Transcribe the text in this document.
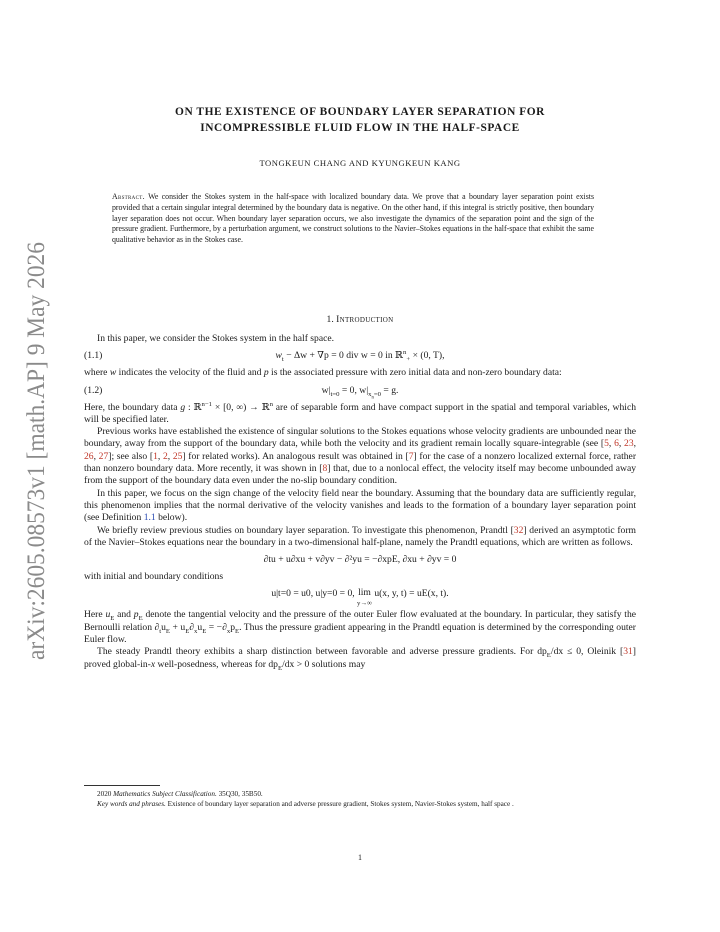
arXiv:2605.08573v1 [math.AP] 9 May 2026
ON THE EXISTENCE OF BOUNDARY LAYER SEPARATION FOR
INCOMPRESSIBLE FLUID FLOW IN THE HALF-SPACE
TONGKEUN CHANG AND KYUNGKEUN KANG
Abstract. We consider the Stokes system in the half-space with localized boundary data. We prove that a boundary layer separation point exists provided that a certain singular integral determined by the boundary data is negative. On the other hand, if this integral is strictly positive, then boundary layer separation does not occur. When boundary layer separation occurs, we also investigate the dynamics of the separation point and the sign of the pressure gradient. Furthermore, by a perturbation argument, we construct solutions to the Navier–Stokes equations in the half-space that exhibit the same qualitative behavior as in the Stokes case.
1. Introduction

In this paper, we consider the Stokes system in the half space.

(1.1)	$w_t - \Delta w + \nabla p = 0$ div w = 0 in ℝ$^n_+$ × (0, T),

where w indicates the velocity of the fluid and p is the associated pressure with zero initial data and non-zero boundary data:

(1.2)	$w|_{t=0} = 0$, $w|_{x_n=0} = g$.

Here, the boundary data g : ℝ$^{n-1}$ × [0, ∞) → ℝ$^n$ are of separable form and have compact support in the spatial and temporal variables, which will be specified later.

Previous works have established the existence of singular solutions to the Stokes equations whose velocity gradients are unbounded near the boundary, away from the support of the boundary data, while both the velocity and its gradient remain locally square-integrable (see [5, 6, 23, 26, 27]; see also [1, 2, 25] for related works). An analogous result was obtained in [7] for the case of a nonzero localized external force, rather than nonzero boundary data. More recently, it was shown in [8] that, due to a nonlocal effect, the velocity itself may become unbounded away from the support of the boundary data even under the no-slip boundary condition.

In this paper, we focus on the sign change of the velocity field near the boundary. Assuming that the boundary data are sufficiently regular, this phenomenon implies that the normal derivative of the velocity vanishes and leads to the formation of a boundary layer separation point (see Definition 1.1 below).

We briefly review previous studies on boundary layer separation. To investigate this phenomenon, Prandtl [32] derived an asymptotic form of the Navier–Stokes equations near the boundary in a two-dimensional half-plane, namely the Prandtl equations, which are written as follows.

∂tu + u∂xu + v∂yv − ∂²yu = −∂xpE, ∂xu + ∂yv = 0

with initial and boundary conditions

u|t=0 = u0, u|y=0 = 0, lim
y→∞ u(x, y, t) = uE(x, t).

Here $u_E$ and $p_E$ denote the tangential velocity and the pressure of the outer Euler flow evaluated at the boundary. In particular, they satisfy the Bernoulli relation $\partial_tu_E + u_E\partial_xu_E = -\partial_xp_E$. Thus the pressure gradient appearing in the Prandtl equation is determined by the corresponding outer Euler flow.

The steady Prandtl theory exhibits a sharp distinction between favorable and adverse pressure gradients. For $dp_E/dx \le 0$, Oleinik [31] proved global-in-x well-posedness, whereas for $dp_E/dx > 0$ solutions may

2020 Mathematics Subject Classification. 35Q30, 35B50.

Key words and phrases. Existence of boundary layer separation and adverse pressure gradient, Stokes system, Navier-Stokes system, half space .

1
